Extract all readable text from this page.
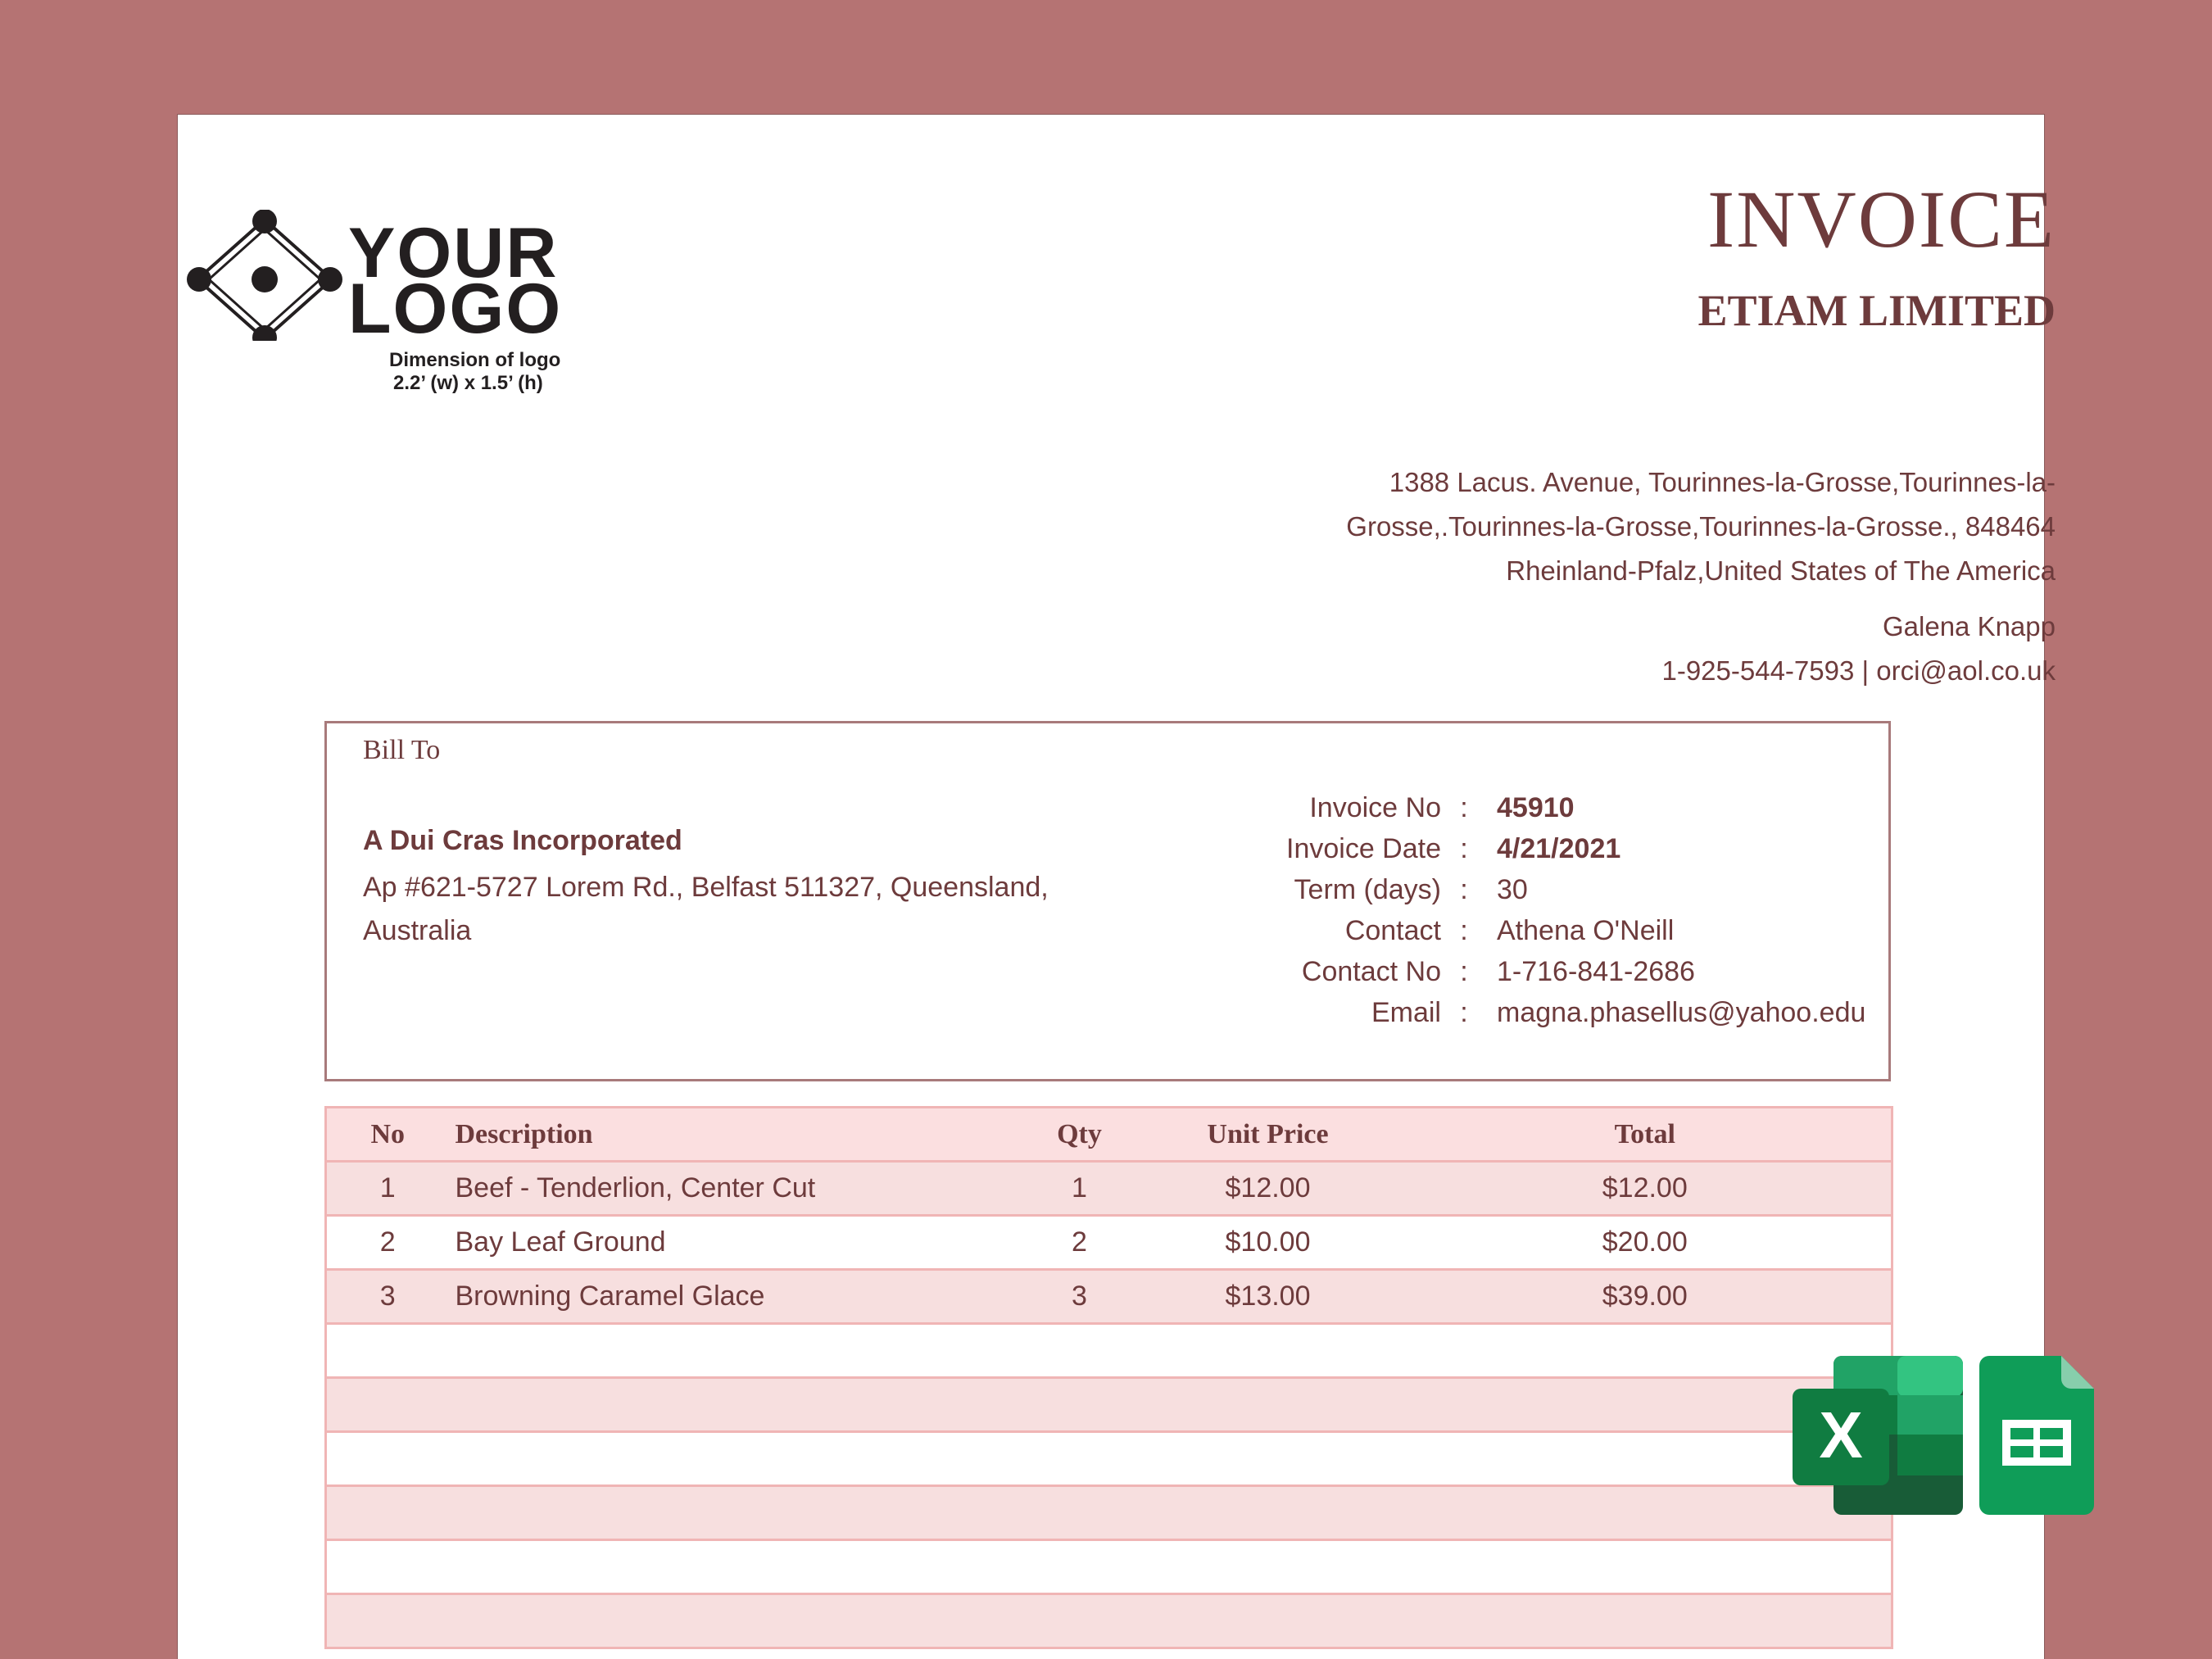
YOUR
LOGO
Dimension of logo
2.2’ (w) x 1.5’ (h)
INVOICE
ETIAM LIMITED
1388 Lacus. Avenue, Tourinnes-la-Grosse,Tourinnes-la-
Grosse,.Tourinnes-la-Grosse,Tourinnes-la-Grosse., 848464
Rheinland-Pfalz,United States of The America
Galena Knapp
1-925-544-7593 | orci@aol.co.uk
Bill To
A Dui Cras Incorporated
Ap #621-5727 Lorem Rd., Belfast 511327, Queensland,
Australia
Invoice No :	45910
Invoice Date :	4/21/2021
Term (days) :	30
Contact :	Athena O'Neill
Contact No :	1-716-841-2686
Email :	magna.phasellus@yahoo.edu
No	Description	Qty	Unit Price	Total
1	Beef - Tenderlion, Center Cut	1	$12.00	$12.00
2	Bay Leaf Ground	2	$10.00	$20.00
3	Browning Caramel Glace	3	$13.00	$39.00

X
